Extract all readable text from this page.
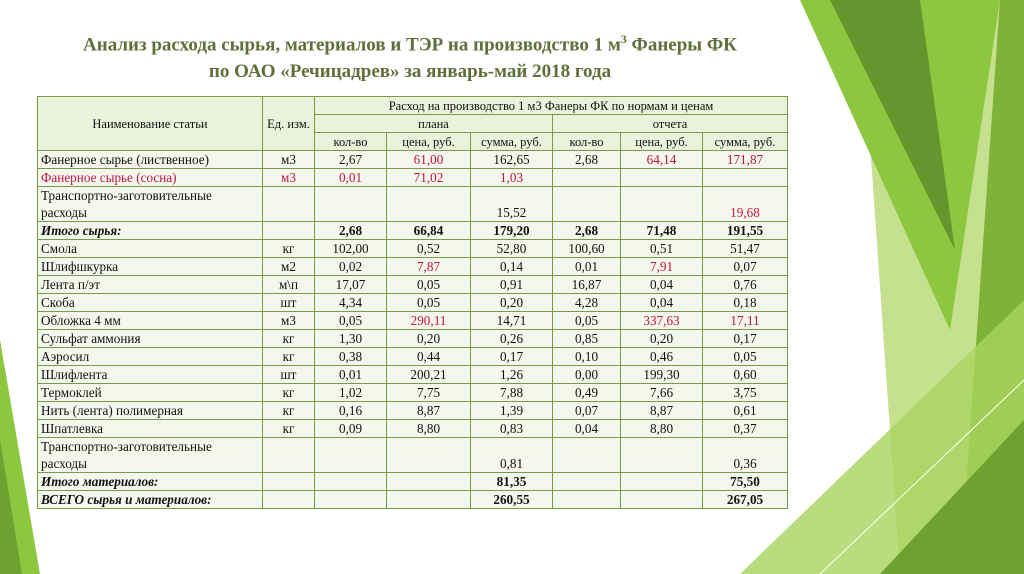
Анализ расхода сырья, материалов и ТЭР на производство 1 $м^3$ Фанеры ФК
по ОАО «Речицадрев» за январь-май 2018 года
Наименование статьи	Ед. изм.	Расход на производство 1 м3 Фанеры ФК по нормам и ценам					
		плана			отчета		
		кол-во	цена, руб.	сумма, руб.	кол-во	цена, руб.	сумма, руб.
Фанерное сырье (лиственное)	м3	2,67	61,00	162,65	2,68	64,14	171,87
Фанерное сырье (сосна)	м3	0,01	71,02	1,03			
Транспортно-заготовительные расходы				15,52			19,68
Итого сырья:		2,68	66,84	179,20	2,68	71,48	191,55
Смола	кг	102,00	0,52	52,80	100,60	0,51	51,47
Шлифшкурка	м2	0,02	7,87	0,14	0,01	7,91	0,07
Лента п/эт	м\п	17,07	0,05	0,91	16,87	0,04	0,76
Скоба	шт	4,34	0,05	0,20	4,28	0,04	0,18
Обложка 4 мм	м3	0,05	290,11	14,71	0,05	337,63	17,11
Сульфат аммония	кг	1,30	0,20	0,26	0,85	0,20	0,17
Аэросил	кг	0,38	0,44	0,17	0,10	0,46	0,05
Шлифлента	шт	0,01	200,21	1,26	0,00	199,30	0,60
Термоклей	кг	1,02	7,75	7,88	0,49	7,66	3,75
Нить (лента) полимерная	кг	0,16	8,87	1,39	0,07	8,87	0,61
Шпатлевка	кг	0,09	8,80	0,83	0,04	8,80	0,37
Транспортно-заготовительные расходы				0,81			0,36
Итого материалов:				81,35			75,50
ВСЕГО сырья и материалов:				260,55			267,05
